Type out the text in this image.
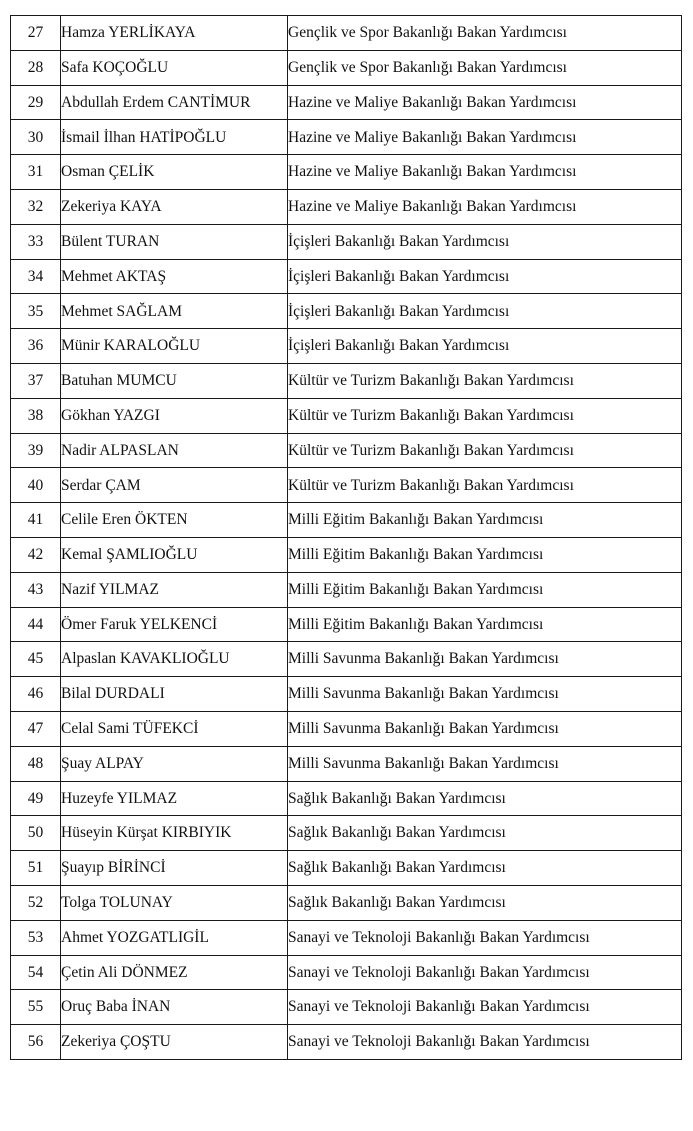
27	Hamza YERLİKAYA	Gençlik ve Spor Bakanlığı Bakan Yardımcısı
28	Safa KOÇOĞLU	Gençlik ve Spor Bakanlığı Bakan Yardımcısı
29	Abdullah Erdem CANTİMUR	Hazine ve Maliye Bakanlığı Bakan Yardımcısı
30	İsmail İlhan HATİPOĞLU	Hazine ve Maliye Bakanlığı Bakan Yardımcısı
31	Osman ÇELİK	Hazine ve Maliye Bakanlığı Bakan Yardımcısı
32	Zekeriya KAYA	Hazine ve Maliye Bakanlığı Bakan Yardımcısı
33	Bülent TURAN	İçişleri Bakanlığı Bakan Yardımcısı
34	Mehmet AKTAŞ	İçişleri Bakanlığı Bakan Yardımcısı
35	Mehmet SAĞLAM	İçişleri Bakanlığı Bakan Yardımcısı
36	Münir KARALOĞLU	İçişleri Bakanlığı Bakan Yardımcısı
37	Batuhan MUMCU	Kültür ve Turizm Bakanlığı Bakan Yardımcısı
38	Gökhan YAZGI	Kültür ve Turizm Bakanlığı Bakan Yardımcısı
39	Nadir ALPASLAN	Kültür ve Turizm Bakanlığı Bakan Yardımcısı
40	Serdar ÇAM	Kültür ve Turizm Bakanlığı Bakan Yardımcısı
41	Celile Eren ÖKTEN	Milli Eğitim Bakanlığı Bakan Yardımcısı
42	Kemal ŞAMLIOĞLU	Milli Eğitim Bakanlığı Bakan Yardımcısı
43	Nazif YILMAZ	Milli Eğitim Bakanlığı Bakan Yardımcısı
44	Ömer Faruk YELKENCİ	Milli Eğitim Bakanlığı Bakan Yardımcısı
45	Alpaslan KAVAKLIOĞLU	Milli Savunma Bakanlığı Bakan Yardımcısı
46	Bilal DURDALI	Milli Savunma Bakanlığı Bakan Yardımcısı
47	Celal Sami TÜFEKCİ	Milli Savunma Bakanlığı Bakan Yardımcısı
48	Şuay ALPAY	Milli Savunma Bakanlığı Bakan Yardımcısı
49	Huzeyfe YILMAZ	Sağlık Bakanlığı Bakan Yardımcısı
50	Hüseyin Kürşat KIRBIYIK	Sağlık Bakanlığı Bakan Yardımcısı
51	Şuayıp BİRİNCİ	Sağlık Bakanlığı Bakan Yardımcısı
52	Tolga TOLUNAY	Sağlık Bakanlığı Bakan Yardımcısı
53	Ahmet YOZGATLIGİL	Sanayi ve Teknoloji Bakanlığı Bakan Yardımcısı
54	Çetin Ali DÖNMEZ	Sanayi ve Teknoloji Bakanlığı Bakan Yardımcısı
55	Oruç Baba İNAN	Sanayi ve Teknoloji Bakanlığı Bakan Yardımcısı
56	Zekeriya ÇOŞTU	Sanayi ve Teknoloji Bakanlığı Bakan Yardımcısı
